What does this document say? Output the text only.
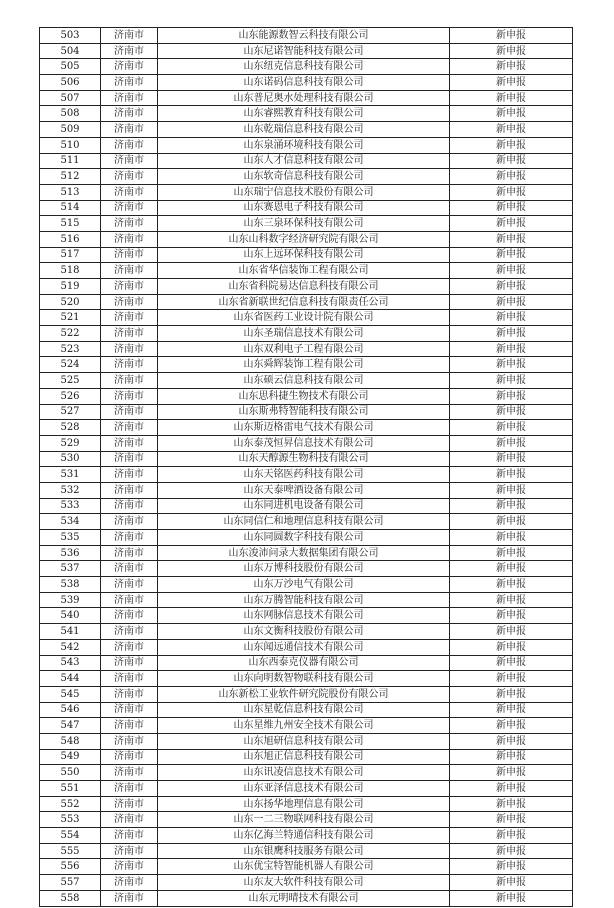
503	济南市	山东能源数智云科技有限公司	新申报
504	济南市	山东尼诺智能科技有限公司	新申报
505	济南市	山东纽克信息科技有限公司	新申报
506	济南市	山东诺码信息科技有限公司	新申报
507	济南市	山东普尼奥水处理科技有限公司	新申报
508	济南市	山东睿熙教育科技有限公司	新申报
509	济南市	山东乾瑞信息科技有限公司	新申报
510	济南市	山东泉涌环境科技有限公司	新申报
511	济南市	山东人才信息科技有限公司	新申报
512	济南市	山东软奇信息科技有限公司	新申报
513	济南市	山东瑞宁信息技术股份有限公司	新申报
514	济南市	山东赛恩电子科技有限公司	新申报
515	济南市	山东三泉环保科技有限公司	新申报
516	济南市	山东山科数字经济研究院有限公司	新申报
517	济南市	山东上远环保科技有限公司	新申报
518	济南市	山东省华信装饰工程有限公司	新申报
519	济南市	山东省科院易达信息科技有限公司	新申报
520	济南市	山东省新联世纪信息科技有限责任公司	新申报
521	济南市	山东省医药工业设计院有限公司	新申报
522	济南市	山东圣瑞信息技术有限公司	新申报
523	济南市	山东双利电子工程有限公司	新申报
524	济南市	山东舜辉装饰工程有限公司	新申报
525	济南市	山东硕云信息科技有限公司	新申报
526	济南市	山东思科捷生物技术有限公司	新申报
527	济南市	山东斯弗特智能科技有限公司	新申报
528	济南市	山东斯迈格雷电气技术有限公司	新申报
529	济南市	山东泰茂恒昇信息技术有限公司	新申报
530	济南市	山东天醇源生物科技有限公司	新申报
531	济南市	山东天铭医药科技有限公司	新申报
532	济南市	山东天泰啤酒设备有限公司	新申报
533	济南市	山东同进机电设备有限公司	新申报
534	济南市	山东同信仁和地理信息科技有限公司	新申报
535	济南市	山东同圆数字科技有限公司	新申报
536	济南市	山东浚沛问录大数据集团有限公司	新申报
537	济南市	山东万博科技股份有限公司	新申报
538	济南市	山东万沙电气有限公司	新申报
539	济南市	山东万腾智能科技有限公司	新申报
540	济南市	山东网脉信息技术有限公司	新申报
541	济南市	山东文衡科技股份有限公司	新申报
542	济南市	山东闻远通信技术有限公司	新申报
543	济南市	山东西泰克仪器有限公司	新申报
544	济南市	山东向明数智物联科技有限公司	新申报
545	济南市	山东新松工业软件研究院股份有限公司	新申报
546	济南市	山东星乾信息科技有限公司	新申报
547	济南市	山东星维九州安全技术有限公司	新申报
548	济南市	山东旭研信息科技有限公司	新申报
549	济南市	山东旭正信息科技有限公司	新申报
550	济南市	山东讯凌信息技术有限公司	新申报
551	济南市	山东亚泽信息技术有限公司	新申报
552	济南市	山东扬华地理信息有限公司	新申报
553	济南市	山东一二三物联网科技有限公司	新申报
554	济南市	山东亿海兰特通信科技有限公司	新申报
555	济南市	山东银鹰科技服务有限公司	新申报
556	济南市	山东优宝特智能机器人有限公司	新申报
557	济南市	山东友大软件科技有限公司	新申报
558	济南市	山东元明晴技术有限公司	新申报
